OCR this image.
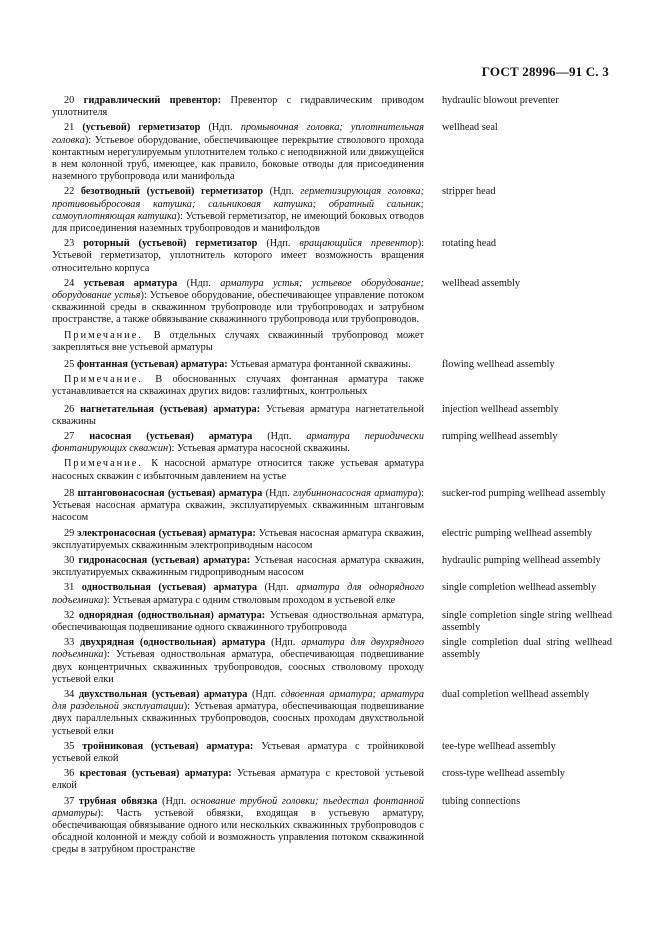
ГОСТ 28996—91 С. 3
20 гидравлический превентор: Превентор с гидравлическим приводом уплотнителя
hydraulic blowout preventer
21 (устьевой) герметизатор (Ндп. промывочная головка; уплотнительная головка): Устьевое оборудование, обеспечивающее перекрытие стволового прохода контактным нерегулируемым уплотнителем только с неподвижной или движущейся в нем колонной труб, имеющее, как правило, боковые отводы для присоединения наземного трубопровода или манифольда
wellhead seal
22 безотводный (устьевой) герметизатор (Ндп. герметизирующая головка; противовыбросовая катушка; сальниковая катушка; обратный сальник; самоуплотняющая катушка): Устьевой герметизатор, не имеющий боковых отводов для присоединения наземных трубопроводов и манифольдов
stripper head
23 роторный (устьевой) герметизатор (Ндп. вращающийся превентор): Устьевой герметизатор, уплотнитель которого имеет возможность вращения относительно корпуса
rotating head
24 устьевая арматура (Ндп. арматура устья; устьевое оборудование; оборудование устья): Устьевое оборудование, обеспечивающее управление потоком скважинной среды в скважинном трубопроводе или трубопроводах и затрубном пространстве, а также обвязывание скважинного трубопровода или трубопроводов.
wellhead assembly
Примечание. В отдельных случаях скважинный трубопровод может закрепляться вне устьевой арматуры
25 фонтанная (устьевая) арматура: Устьевая арматура фонтанной скважины.	flowing wellhead assembly
Примечание. В обоснованных случаях фонтанная арматура также устанавливается на скважинах других видов: газлифтных, контрольных
26 нагнетательная (устьевая) арматура: Устьевая арматура нагнетательной скважины
injection wellhead assembly
27 насосная (устьевая) арматура (Ндп. арматура периодически фонтанирующих скважин): Устьевая арматура насосной скважины.
rumping wellhead assembly
Примечание. К насосной арматуре относится также устьевая арматура насосных скважин с избыточным давлением на устье
28 штанговонасосная (устьевая) арматура (Ндп. глубиннонасосная арматура): Устьевая насосная арматура скважин, эксплуатируемых скважинным штанговым насосом
sucker-rod pumping wellhead assembly
29 электронасосная (устьевая) арматура: Устьевая насосная арматура скважин, эксплуатируемых скважинным электроприводным насосом
electric pumping wellhead assembly
30 гидронасосная (устьевая) арматура: Устьевая насосная арматура скважин, эксплуатируемых скважинным гидроприводным насосом
hydraulic pumping wellhead assembly
31 одноствольная (устьевая) арматура (Ндп. арматура для однорядного подъемника): Устьевая арматура с одним стволовым проходом в устьевой елке
single completion wellhead assembly
32 однорядная (одноствольная) арматура: Устьевая одноствольная арматура, обеспечивающая подвешивание одного скважинного трубопровода
single completion single string wellhead assembly
33 двухрядная (одноствольная) арматура (Ндп. арматура для двухрядного подъемника): Устьевая одноствольная арматура, обеспечивающая подвешивание двух концентричных скважинных трубопроводов, соосных стволовому проходу устьевой елки
single completion dual string wellhead assembly
34 двухствольная (устьевая) арматура (Ндп. сдвоенная арматура; арматура для раздельной эксплуатации): Устьевая арматура, обеспечивающая подвешивание двух параллельных скважинных трубопроводов, соосных проходам двухствольной устьевой елки
dual completion wellhead assembly
35 тройниковая (устьевая) арматура: Устьевая арматура с тройниковой устьевой елкой
tee-type wellhead assembly
36 крестовая (устьевая) арматура: Устьевая арматура с крестовой устьевой елкой
cross-type wellhead assembly
37 трубная обвязка (Ндп. основание трубной головки; пьедестал фонтанной арматуры): Часть устьевой обвязки, входящая в устьевую арматуру, обеспечивающая обвязывание одного или нескольких скважинных трубопроводов с обсадной колонной и между собой и возможность управления потоком скважинной среды в затрубном пространстве
tubing connections
